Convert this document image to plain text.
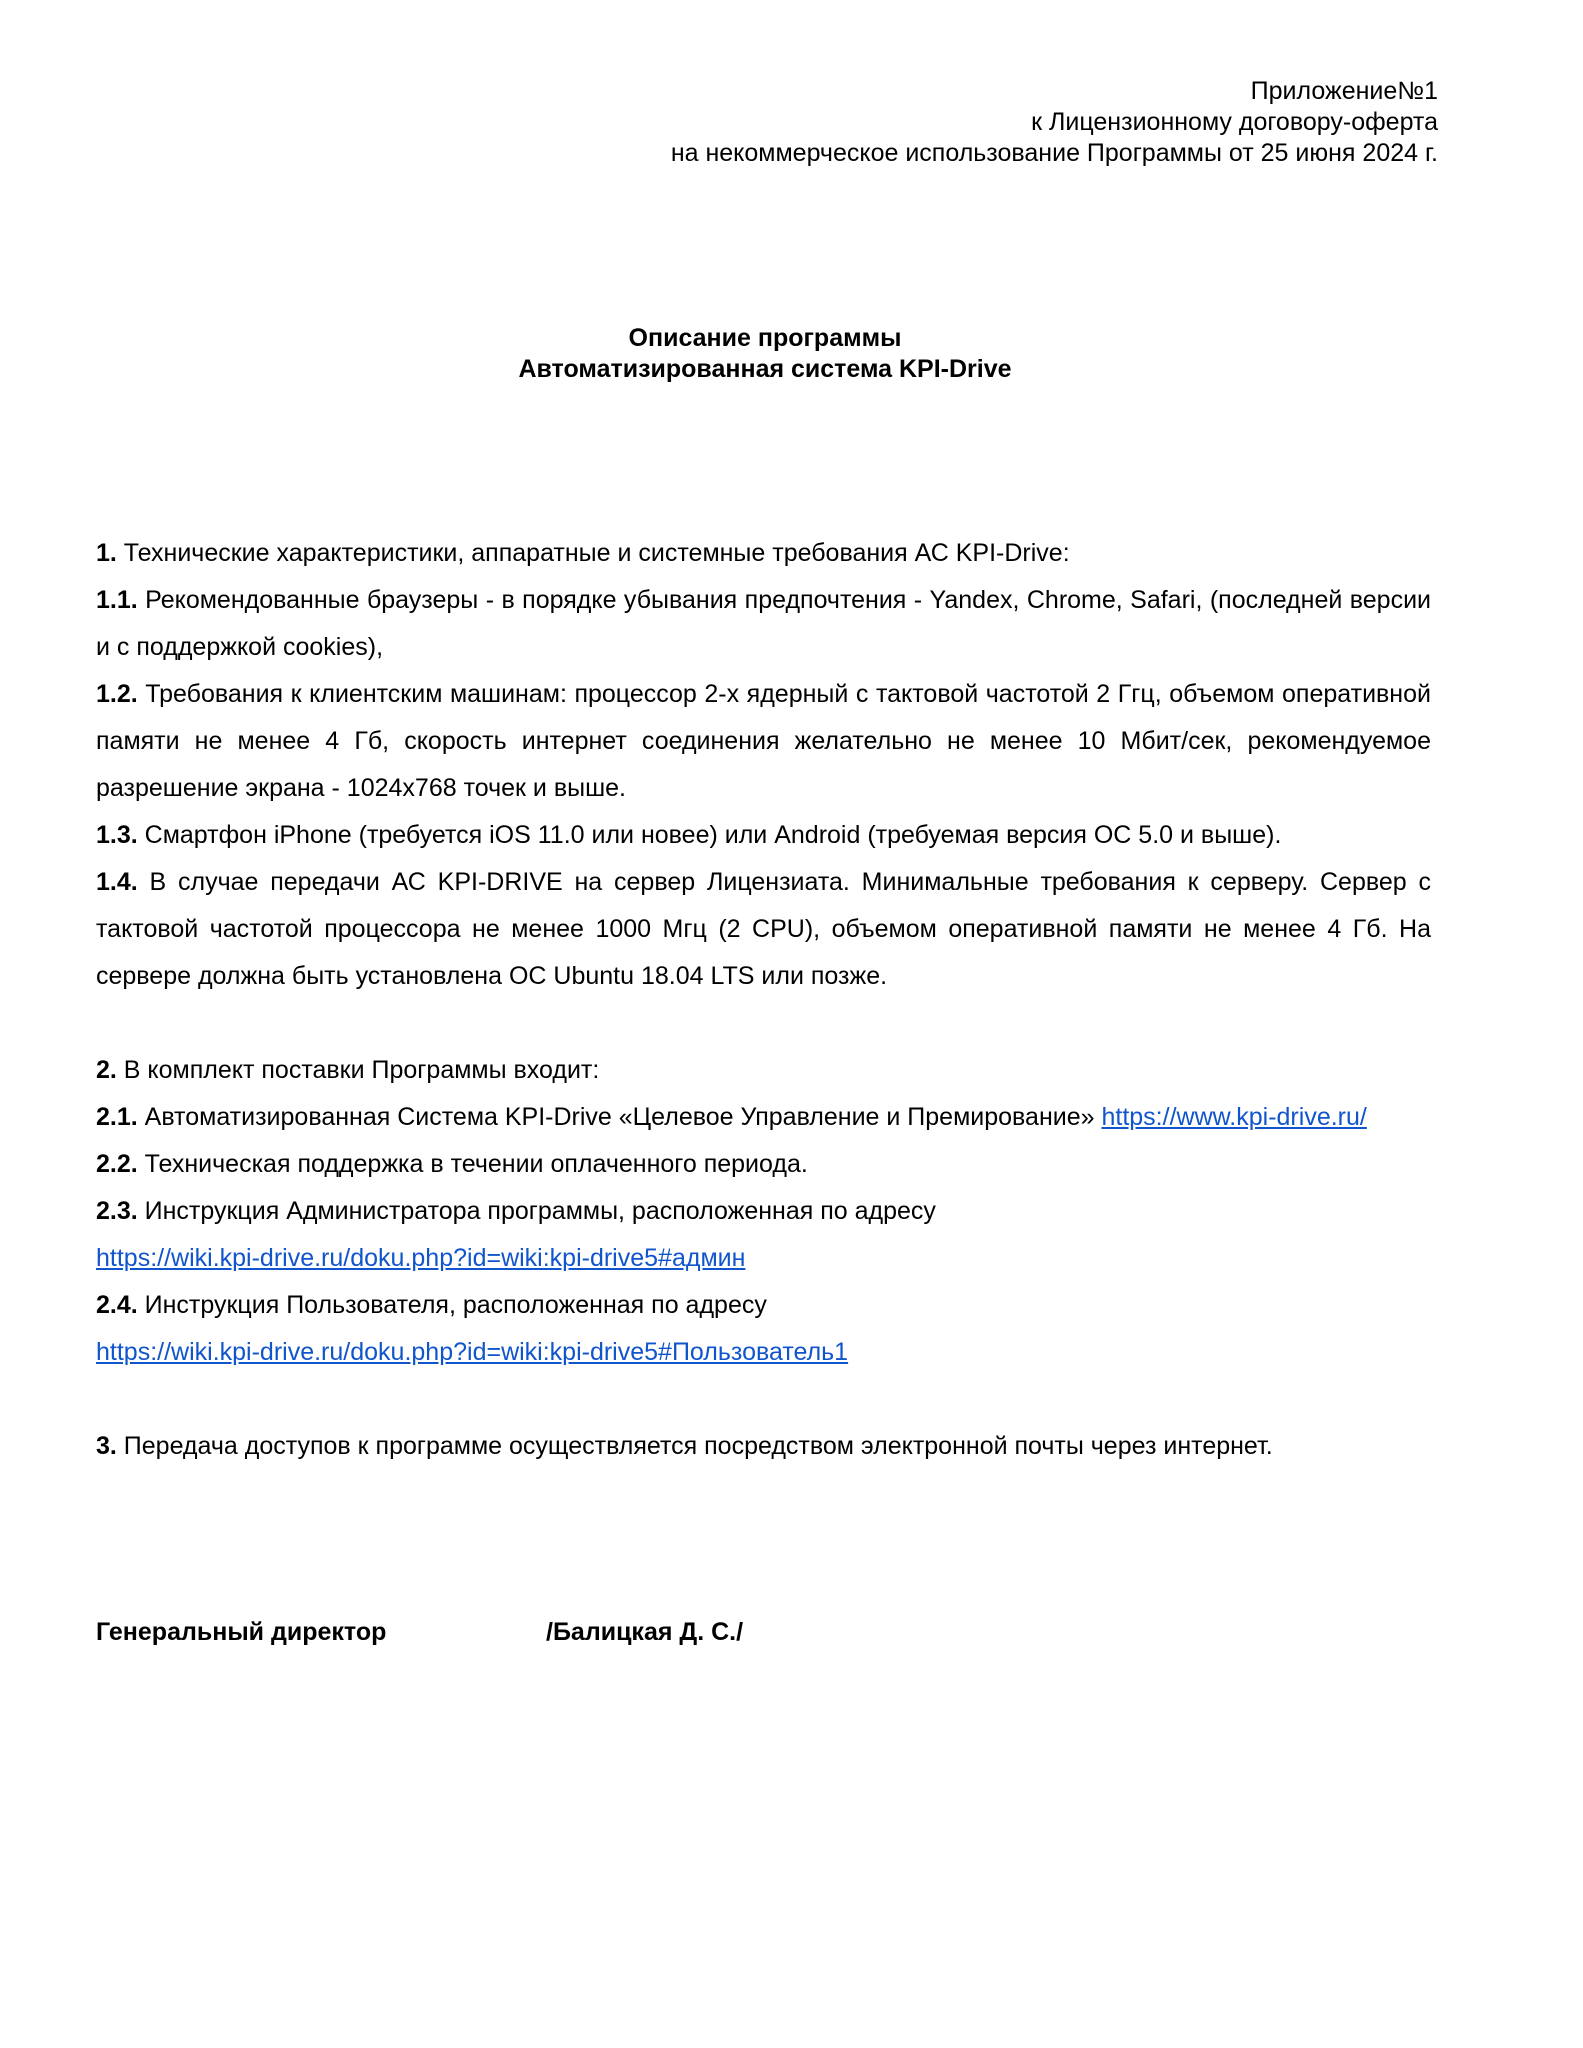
Приложение№1
к Лицензионному договору-оферта
на некоммерческое использование Программы от 25 июня 2024 г.
Описание программы
Автоматизированная система KPI-Drive

1. Технические характеристики, аппаратные и системные требования АС KPI-Drive:

1.1. Рекомендованные браузеры - в порядке убывания предпочтения - Yandex, Chrome, Safari, (последней версии и с поддержкой cookies),

1.2. Требования к клиентским машинам: процессор 2-х ядерный с тактовой частотой 2 Ггц, объемом оперативной памяти не менее 4 Гб, скорость интернет соединения желательно не менее 10 Мбит/сек, рекомендуемое разрешение экрана - 1024x768 точек и выше.

1.3. Смартфон iPhone (требуется iOS 11.0 или новее) или Android (требуемая версия ОС 5.0 и выше).

1.4. В случае передачи АС KPI-DRIVE на сервер Лицензиата. Минимальные требования к серверу. Сервер с тактовой частотой процессора не менее 1000 Мгц (2 CPU), объемом оперативной памяти не менее 4 Гб. На сервере должна быть установлена ОС Ubuntu 18.04 LTS или позже.

2. В комплект поставки Программы входит:

2.1. Автоматизированная Система KPI-Drive «Целевое Управление и Премирование» https://www.kpi-drive.ru/

2.2. Техническая поддержка в течении оплаченного периода.

2.3. Инструкция Администратора программы, расположенная по адресу

https://wiki.kpi-drive.ru/doku.php?id=wiki:kpi-drive5#админ

2.4. Инструкция Пользователя, расположенная по адресу

https://wiki.kpi-drive.ru/doku.php?id=wiki:kpi-drive5#Пользователь1

3. Передача доступов к программе осуществляется посредством электронной почты через интернет.

Генеральный директор	/Балицкая Д. С./
